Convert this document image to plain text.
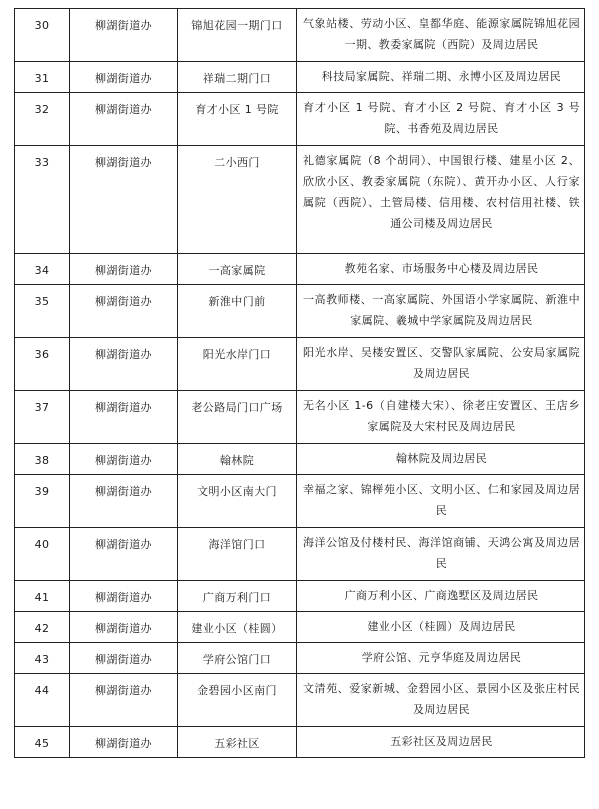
30	柳湖街道办	锦旭花园一期门口	气象站楼、劳动小区、皇都华庭、能源家属院锦旭花园一期、教委家属院（西院）及周边居民
31	柳湖街道办	祥瑞二期门口	科技局家属院、祥瑞二期、永博小区及周边居民
32	柳湖街道办	育才小区 1 号院	育才小区 1 号院、育才小区 2 号院、育才小区 3 号院、书香苑及周边居民
33	柳湖街道办	二小西门	礼德家属院（8 个胡同）、中国银行楼、建星小区 2、欣欣小区、教委家属院（东院）、黄开办小区、人行家属院（西院）、土管局楼、信用楼、农村信用社楼、铁通公司楼及周边居民
34	柳湖街道办	一高家属院	教苑名家、市场服务中心楼及周边居民
35	柳湖街道办	新淮中门前	一高教师楼、一高家属院、外国语小学家属院、新淮中家属院、羲城中学家属院及周边居民
36	柳湖街道办	阳光水岸门口	阳光水岸、吴楼安置区、交警队家属院、公安局家属院及周边居民
37	柳湖街道办	老公路局门口广场	无名小区 1-6（自建楼大宋）、徐老庄安置区、王店乡家属院及大宋村民及周边居民
38	柳湖街道办	翰林院	翰林院及周边居民
39	柳湖街道办	文明小区南大门	幸福之家、锦榉苑小区、文明小区、仁和家园及周边居民
40	柳湖街道办	海洋馆门口	海洋公馆及付楼村民、海洋馆商铺、天鸿公寓及周边居民
41	柳湖街道办	广商万利门口	广商万利小区、广商逸墅区及周边居民
42	柳湖街道办	建业小区（桂圆）	建业小区（桂圆）及周边居民
43	柳湖街道办	学府公馆门口	学府公馆、元亨华庭及周边居民
44	柳湖街道办	金碧园小区南门	文清苑、爱家新城、金碧园小区、景园小区及张庄村民及周边居民
45	柳湖街道办	五彩社区	五彩社区及周边居民
